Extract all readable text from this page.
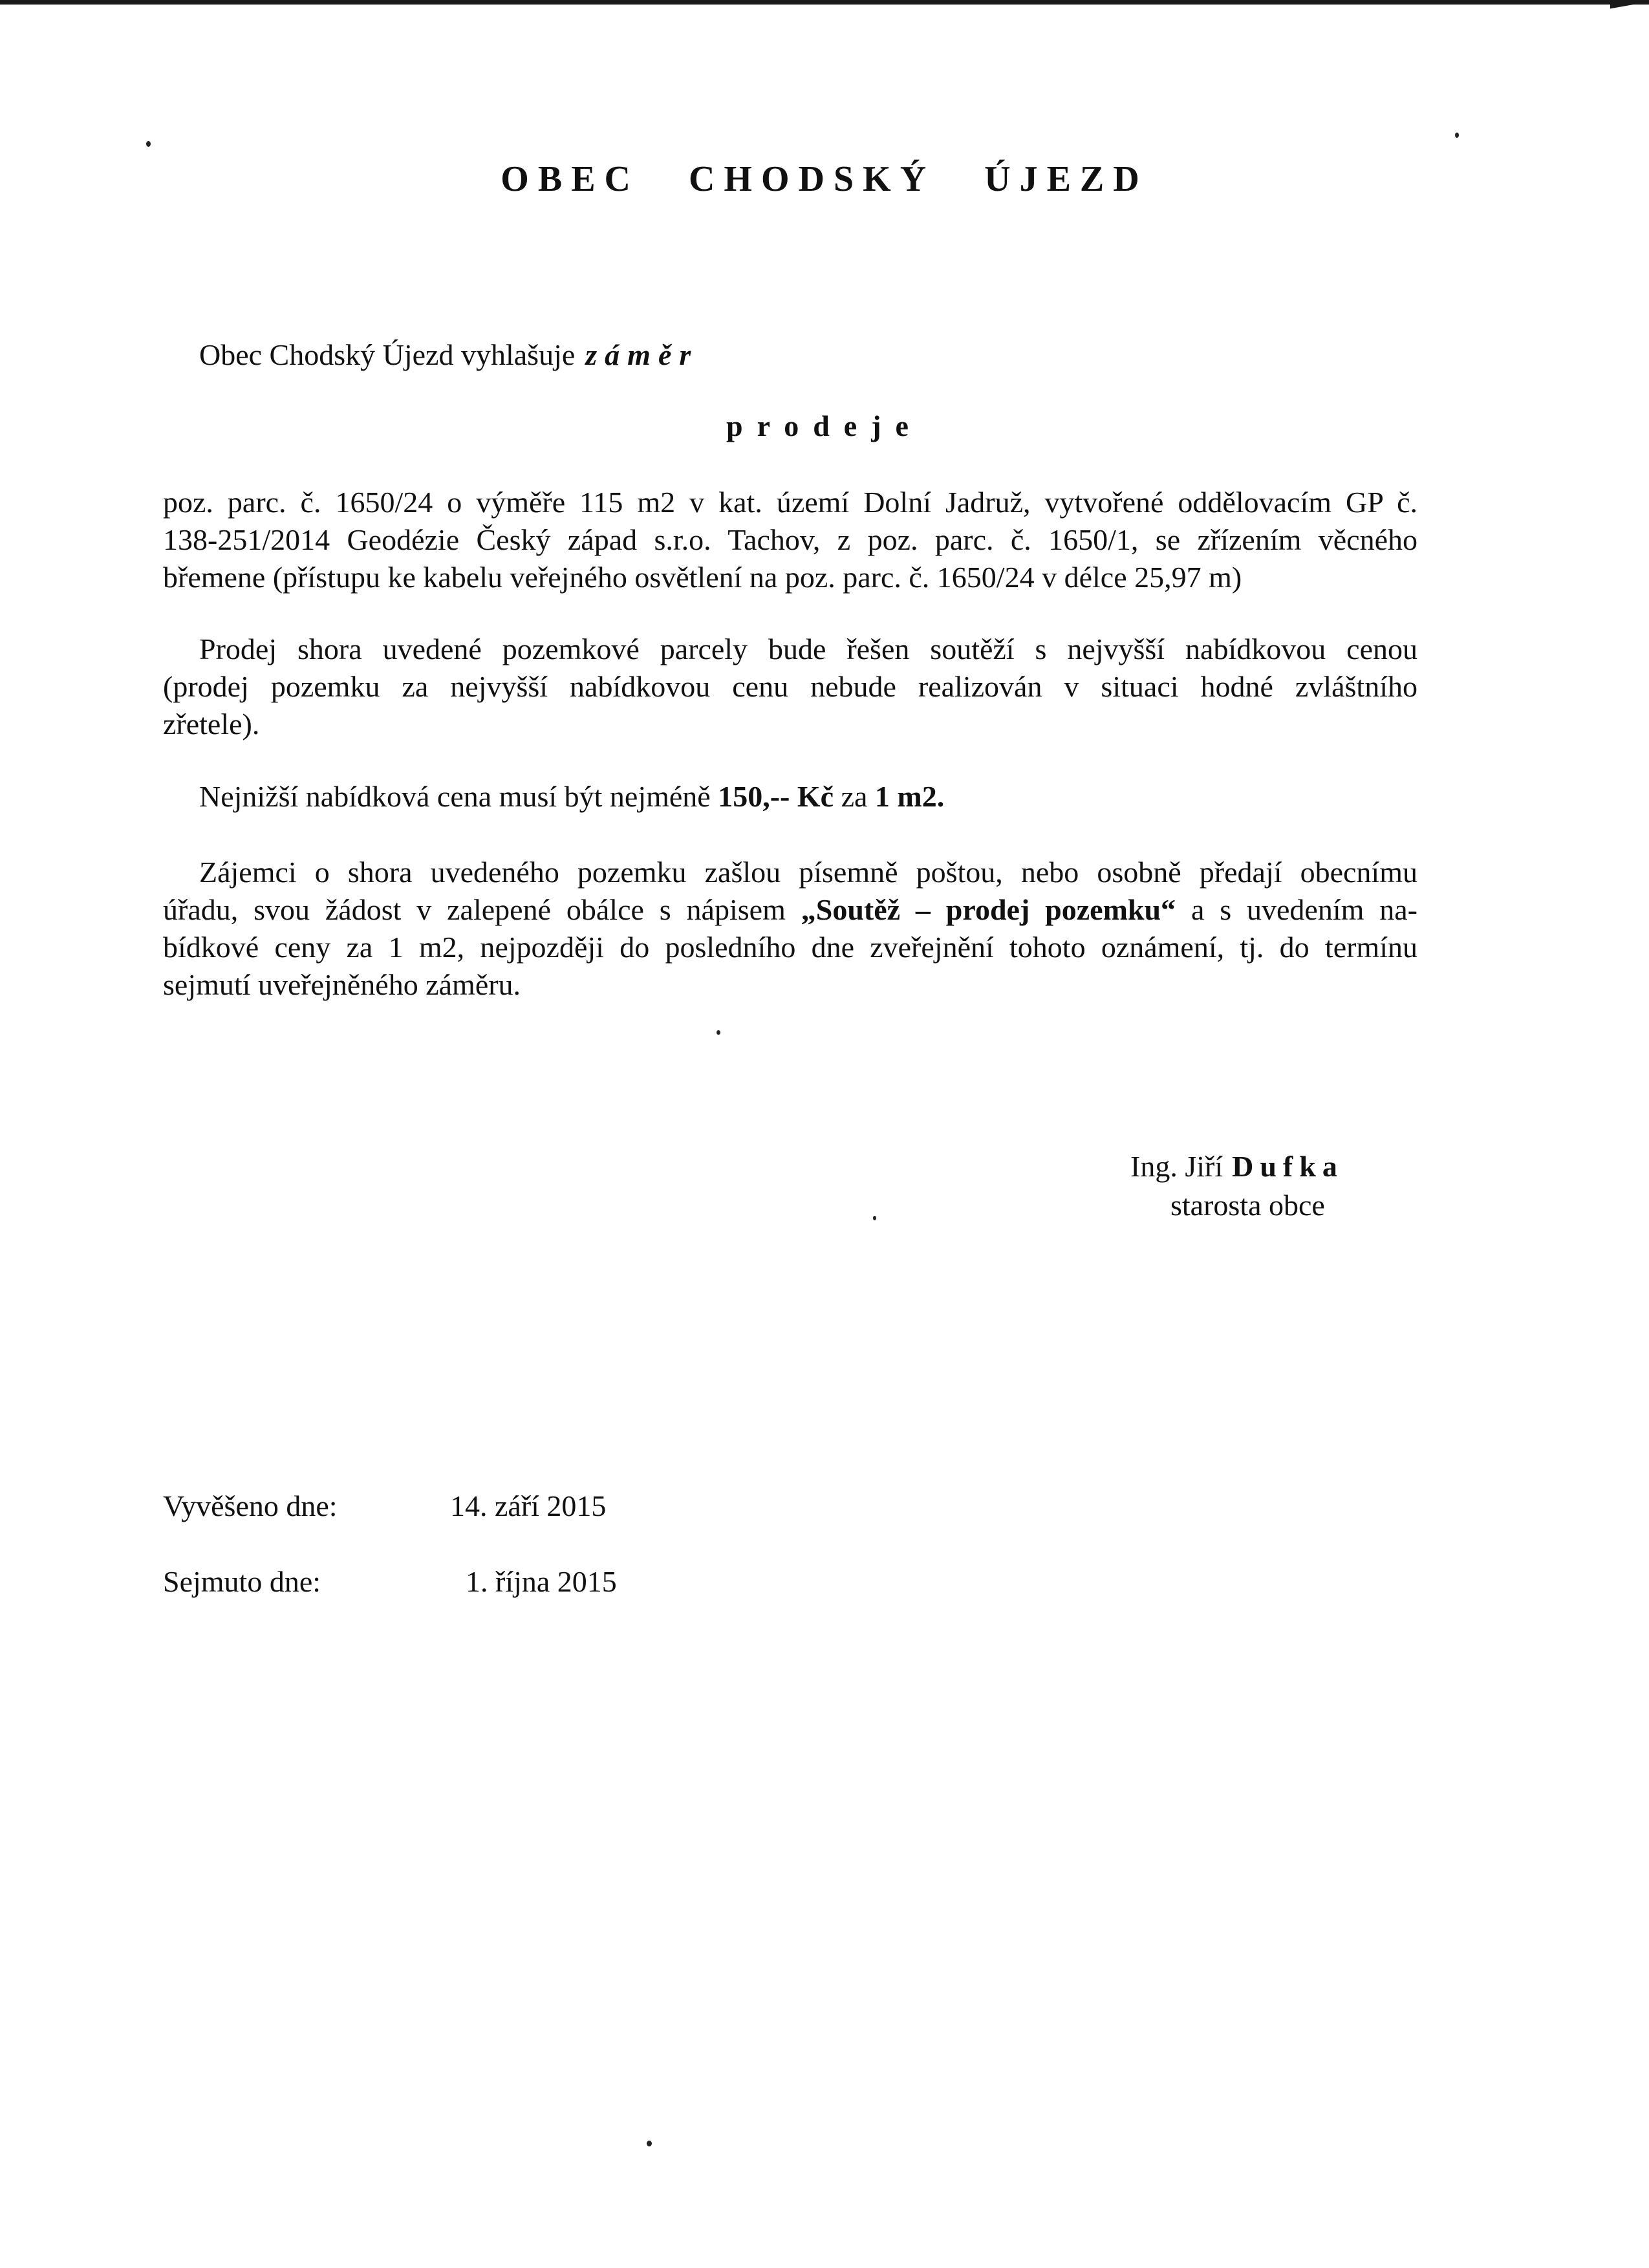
OBEC CHODSKÝ ÚJEZD
Obec Chodský Újezd vyhlašuje záměr
prodeje
poz. parc. č. 1650/24 o výměře 115 m2 v kat. území Dolní Jadruž, vytvořené oddělovacím GP č.
138-251/2014 Geodézie Český západ s.r.o. Tachov, z poz. parc. č. 1650/1, se zřízením věcného
břemene (přístupu ke kabelu veřejného osvětlení na poz. parc. č. 1650/24 v délce 25,97 m)
Prodej shora uvedené pozemkové parcely bude řešen soutěží s nejvyšší nabídkovou cenou
(prodej pozemku za nejvyšší nabídkovou cenu nebude realizován v situaci hodné zvláštního
zřetele).
Nejnižší nabídková cena musí být nejméně 150,-- Kč za 1 m2.
Zájemci o shora uvedeného pozemku zašlou písemně poštou, nebo osobně předají obecnímu
úřadu, svou žádost v zalepené obálce s nápisem „Soutěž – prodej pozemku“ a s uvedením na-
bídkové ceny za 1 m2, nejpozději do posledního dne zveřejnění tohoto oznámení, tj. do termínu
sejmutí uveřejněného záměru.
Ing. Jiří Dufka
starosta obce
Vyvěšeno dne:	14. září 2015
Sejmuto dne:	1. října 2015
